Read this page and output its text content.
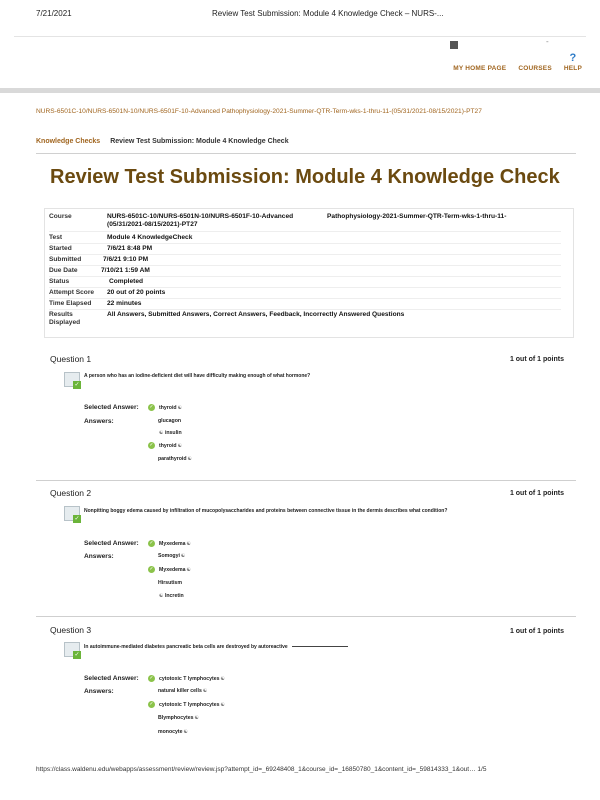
7/21/2021	Review Test Submission: Module 4 Knowledge Check – NURS-...
-
MY HOME PAGE COURSES
?
HELP
NURS-6501C-10/NURS-6501N-10/NURS-6501F-10-Advanced Pathophysiology-2021-Summer-QTR-Term-wks-1-thru-11-(05/31/2021-08/15/2021)-PT27
Knowledge Checks Review Test Submission: Module 4 Knowledge Check
Review Test Submission: Module 4 Knowledge Check
Course	NURS-6501C-10/NURS-6501N-10/NURS-6501F-10-Advanced	Pathophysiology-2021-Summer-QTR-Term-wks-1-thru-11-
(05/31/2021-08/15/2021)-PT27
Test	Module 4 KnowledgeCheck
Started	7/6/21 8:48 PM
Submitted	7/6/21 9:10 PM
Due Date	7/10/21 1:59 AM
Status	Completed
Attempt Score 20 out of 20 points
Time Elapsed 22 minutes
Results
Displayed
All Answers, Submitted Answers, Correct Answers, Feedback, Incorrectly Answered Questions
Question 1	1 out of 1 points
✓
A person who has an iodine-deficient diet will have difficulty making enough of what hormone?
Selected Answer: ✓ thyroid☯
Answers:	glucagon
☯ insulin
✓ thyroid☯
parathyroid☯
Question 2	1 out of 1 points
✓
Nonpitting boggy edema caused by infiltration of mucopolysaccharides and proteins between connective tissue in the dermis describes what condition?
Selected Answer: ✓ Myxedema☯
Answers:	Somogyi☯
✓ Myxedema☯
Hirsutism
☯ Incretin
Question 3	1 out of 1 points
✓
In autoimmune-mediated diabetes pancreatic beta cells are destroyed by autoreactive
Selected Answer: ✓ cytotoxic T lymphocytes☯
Answers:	natural killer cells☯
✓ cytotoxic T lymphocytes☯
Blymphocytes☯
monocyte☯
https://class.waldenu.edu/webapps/assessment/review/review.jsp?attempt_id=_69248408_1&course_id=_16850780_1&content_id=_59814333_1&out… 1/5
